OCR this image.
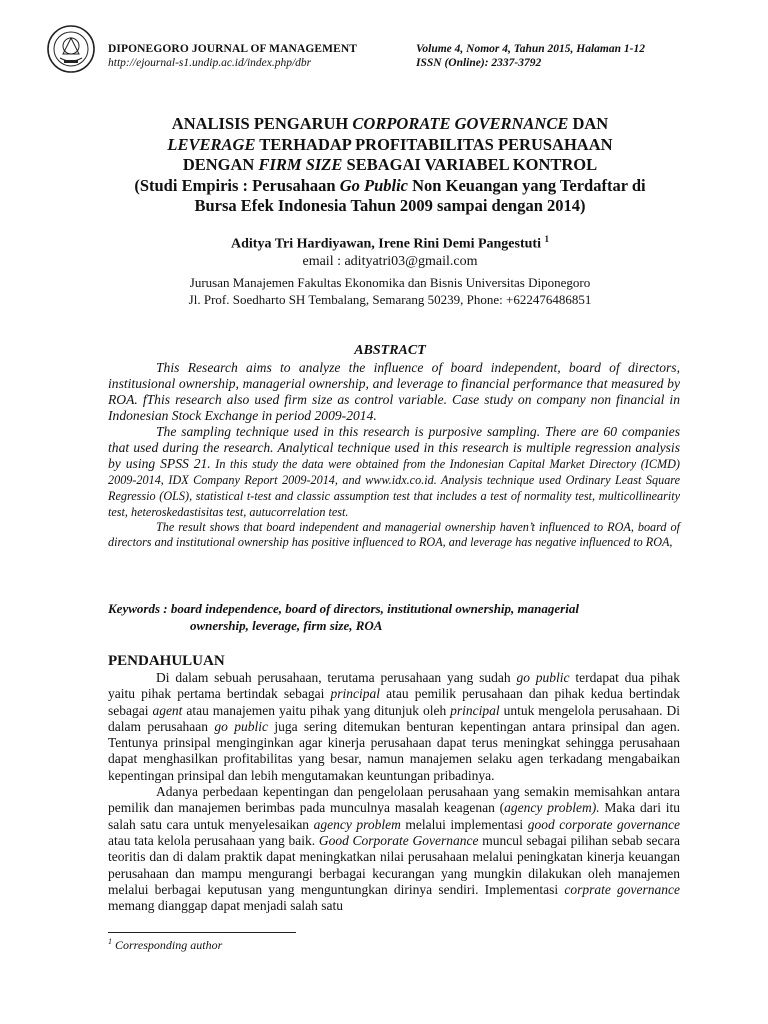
DIPONEGORO JOURNAL OF MANAGEMENT
http://ejournal-s1.undip.ac.id/index.php/dbr
Volume 4, Nomor 4, Tahun 2015, Halaman 1-12
ISSN (Online): 2337-3792
ANALISIS PENGARUH CORPORATE GOVERNANCE DAN
LEVERAGE TERHADAP PROFITABILITAS PERUSAHAAN
DENGAN FIRM SIZE SEBAGAI VARIABEL KONTROL
(Studi Empiris : Perusahaan Go Public Non Keuangan yang Terdaftar di
Bursa Efek Indonesia Tahun 2009 sampai dengan 2014)
Aditya Tri Hardiyawan, Irene Rini Demi Pangestuti $^1$
email : adityatri03@gmail.com
Jurusan Manajemen Fakultas Ekonomika dan Bisnis Universitas Diponegoro
Jl. Prof. Soedharto SH Tembalang, Semarang 50239, Phone: +622476486851
ABSTRACT

This Research aims to analyze the influence of board independent, board of directors, institusional ownership, managerial ownership, and leverage to financial performance that measured by ROA. fThis research also used firm size as control variable. Case study on company non financial in Indonesian Stock Exchange in period 2009-2014.

The sampling technique used in this research is purposive sampling. There are 60 companies that used during the research. Analytical technique used in this research is multiple regression analysis by using SPSS 21. In this study the data were obtained from the Indonesian Capital Market Directory (ICMD) 2009-2014, IDX Company Report 2009-2014, and www.idx.co.id. Analysis technique used Ordinary Least Square Regressio (OLS), statistical t-test and classic assumption test that includes a test of normality test, multicollinearity test, heteroskedastisitas test, autucorrelation test.

The result shows that board independent and managerial ownership haven’t influenced to ROA, board of directors and institutional ownership has positive influenced to ROA, and leverage has negative influenced to ROA,

Keywords : board independence, board of directors, institutional ownership, managerial
ownership, leverage, firm size, ROA
PENDAHULUAN

Di dalam sebuah perusahaan, terutama perusahaan yang sudah go public terdapat dua pihak yaitu pihak pertama bertindak sebagai principal atau pemilik perusahaan dan pihak kedua bertindak sebagai agent atau manajemen yaitu pihak yang ditunjuk oleh principal untuk mengelola perusahaan. Di dalam perusahaan go public juga sering ditemukan benturan kepentingan antara prinsipal dan agen. Tentunya prinsipal menginginkan agar kinerja perusahaan dapat terus meningkat sehingga perusahaan dapat menghasilkan profitabilitas yang besar, namun manajemen selaku agen terkadang mengabaikan kepentingan prinsipal dan lebih mengutamakan keuntungan pribadinya.

Adanya perbedaan kepentingan dan pengelolaan perusahaan yang semakin memisahkan antara pemilik dan manajemen berimbas pada munculnya masalah keagenan (agency problem). Maka dari itu salah satu cara untuk menyelesaikan agency problem melalui implementasi good corporate governance atau tata kelola perusahaan yang baik. Good Corporate Governance muncul sebagai pilihan sebab secara teoritis dan di dalam praktik dapat meningkatkan nilai perusahaan melalui peningkatan kinerja keuangan perusahaan dan mampu mengurangi berbagai kecurangan yang mungkin dilakukan oleh manajemen melalui berbagai keputusan yang menguntungkan dirinya sendiri. Implementasi corprate governance memang dianggap dapat menjadi salah satu

$^1$ Corresponding author
